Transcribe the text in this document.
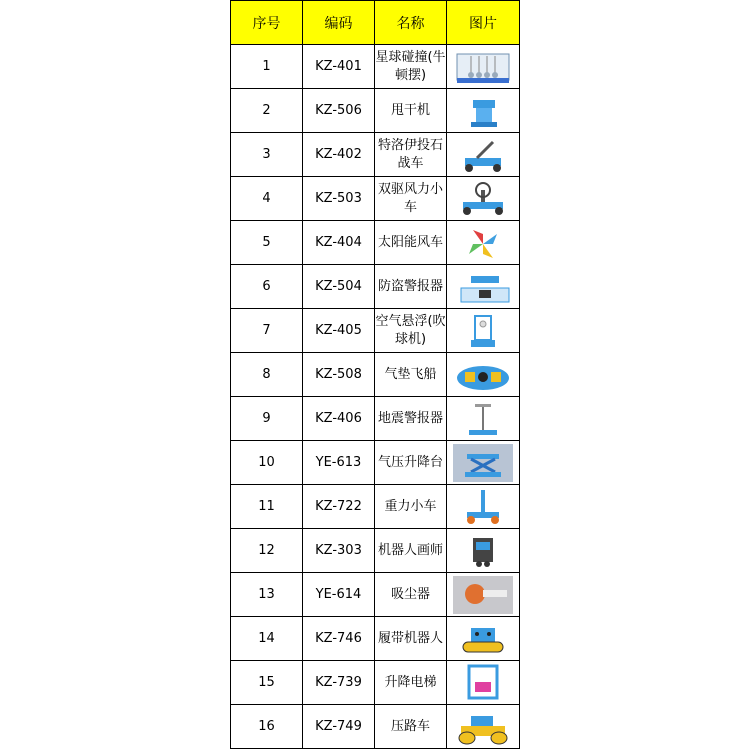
序号	编码	名称	图片
1	KZ-401	星球碰撞(牛顿摆)	

2	KZ-506	甩干机	

3	KZ-402	特洛伊投石战车	

4	KZ-503	双驱风力小车	

5	KZ-404	太阳能风车	

6	KZ-504	防盗警报器	

7	KZ-405	空气悬浮(吹球机)	

8	KZ-508	气垫飞船	

9	KZ-406	地震警报器	

10	YE-613	气压升降台	

11	KZ-722	重力小车	

12	KZ-303	机器人画师	

13	YE-614	吸尘器	

14	KZ-746	履带机器人	

15	KZ-739	升降电梯	

16	KZ-749	压路车	
